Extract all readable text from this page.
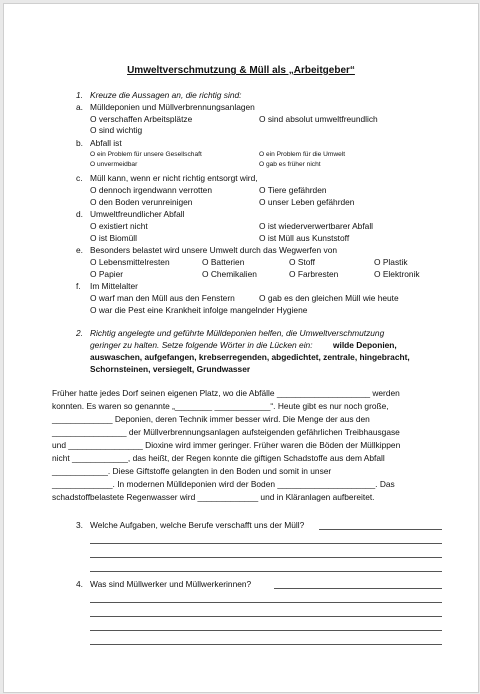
Umweltverschmutzung & Müll als „Arbeitgeber“
1. Kreuze die Aussagen an, die richtig sind:
a. Mülldeponien und Müllverbrennungsanlagen
O verschaffen Arbeitsplätze	O sind absolut umweltfreundlich
O sind wichtig
b. Abfall ist
O ein Problem für unsere Gesellschaft	O ein Problem für die Umwelt
O unvermeidbar	O gab es früher nicht
c. Müll kann, wenn er nicht richtig entsorgt wird,
O dennoch irgendwann verrotten	O Tiere gefährden
O den Boden verunreinigen	O unser Leben gefährden
d. Umweltfreundlicher Abfall
O existiert nicht	O ist wiederverwertbarer Abfall
O ist Biomüll	O ist Müll aus Kunststoff
e. Besonders belastet wird unsere Umwelt durch das Wegwerfen von
O Lebensmittelresten	O Batterien	O Stoff	O Plastik
O Papier	O Chemikalien	O Farbresten	O Elektronik
f. Im Mittelalter
O warf man den Müll aus den Fenstern	O gab es den gleichen Müll wie heute
O war die Pest eine Krankheit infolge mangelnder Hygiene
2. Richtig angelegte und geführte Mülldeponien helfen, die Umweltverschmutzung
geringer zu halten. Setze folgende Wörter in die Lücken ein: wilde Deponien,
auswaschen, aufgefangen, krebserregenden, abgedichtet, zentrale, hingebracht,
Schornsteinen, versiegelt, Grundwasser
Früher hatte jedes Dorf seinen eigenen Platz, wo die Abfälle ____________________ werden
konnten. Es waren so genannte „________ ____________“. Heute gibt es nur noch große,
_____________ Deponien, deren Technik immer besser wird. Die Menge der aus den
________________ der Müllverbrennungsanlagen aufsteigenden gefährlichen Treibhausgase
und ________________ Dioxine wird immer geringer. Früher waren die Böden der Müllkippen
nicht ____________, das heißt, der Regen konnte die giftigen Schadstoffe aus dem Abfall
____________. Diese Giftstoffe gelangten in den Boden und somit in unser
_____________. In modernen Mülldeponien wird der Boden _____________________. Das
schadstoffbelastete Regenwasser wird _____________ und in Kläranlagen aufbereitet.
3. Welche Aufgaben, welche Berufe verschafft uns der Müll?
4. Was sind Müllwerker und Müllwerkerinnen?
